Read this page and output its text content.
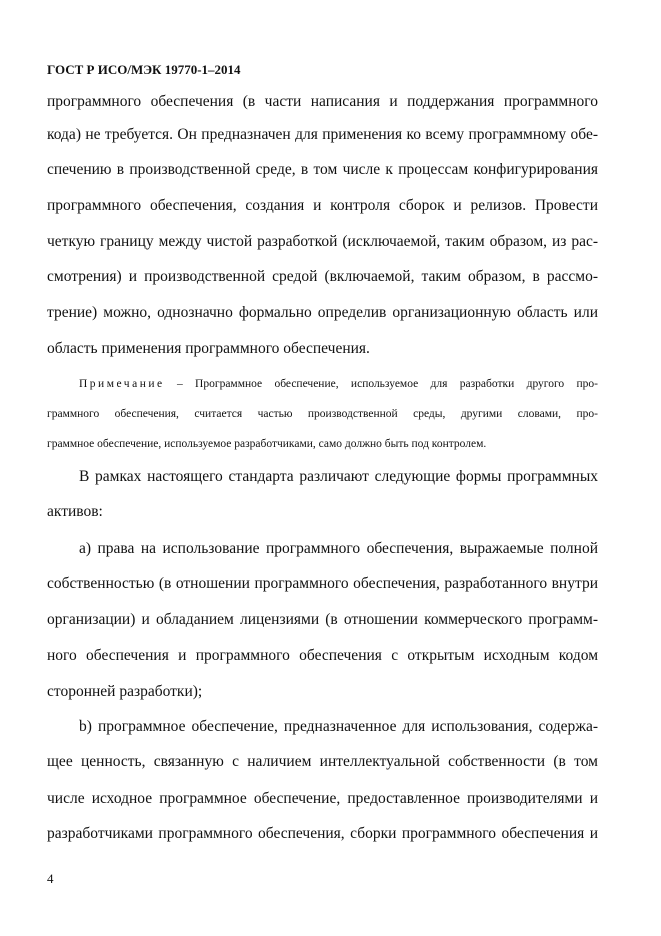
ГОСТ Р ИСО/МЭК 19770-1–2014
программного обеспечения (в части написания и поддержания программного
кода) не требуется. Он предназначен для применения ко всему программному обе-
спечению в производственной среде, в том числе к процессам конфигурирования
программного обеспечения, создания и контроля сборок и релизов. Провести
четкую границу между чистой разработкой (исключаемой, таким образом, из рас-
смотрения) и производственной средой (включаемой, таким образом, в рассмо-
трение) можно, однозначно формально определив организационную область или
область применения программного обеспечения.
Примечание – Программное обеспечение, используемое для разработки другого про-
граммного обеспечения, считается частью производственной среды, другими словами, про-
граммное обеспечение, используемое разработчиками, само должно быть под контролем.
В рамках настоящего стандарта различают следующие формы программных
активов:
a) права на использование программного обеспечения, выражаемые полной
собственностью (в отношении программного обеспечения, разработанного внутри
организации) и обладанием лицензиями (в отношении коммерческого программ-
ного обеспечения и программного обеспечения с открытым исходным кодом
сторонней разработки);
b) программное обеспечение, предназначенное для использования, содержа-
щее ценность, связанную с наличием интеллектуальной собственности (в том
числе исходное программное обеспечение, предоставленное производителями и
разработчиками программного обеспечения, сборки программного обеспечения и
4
